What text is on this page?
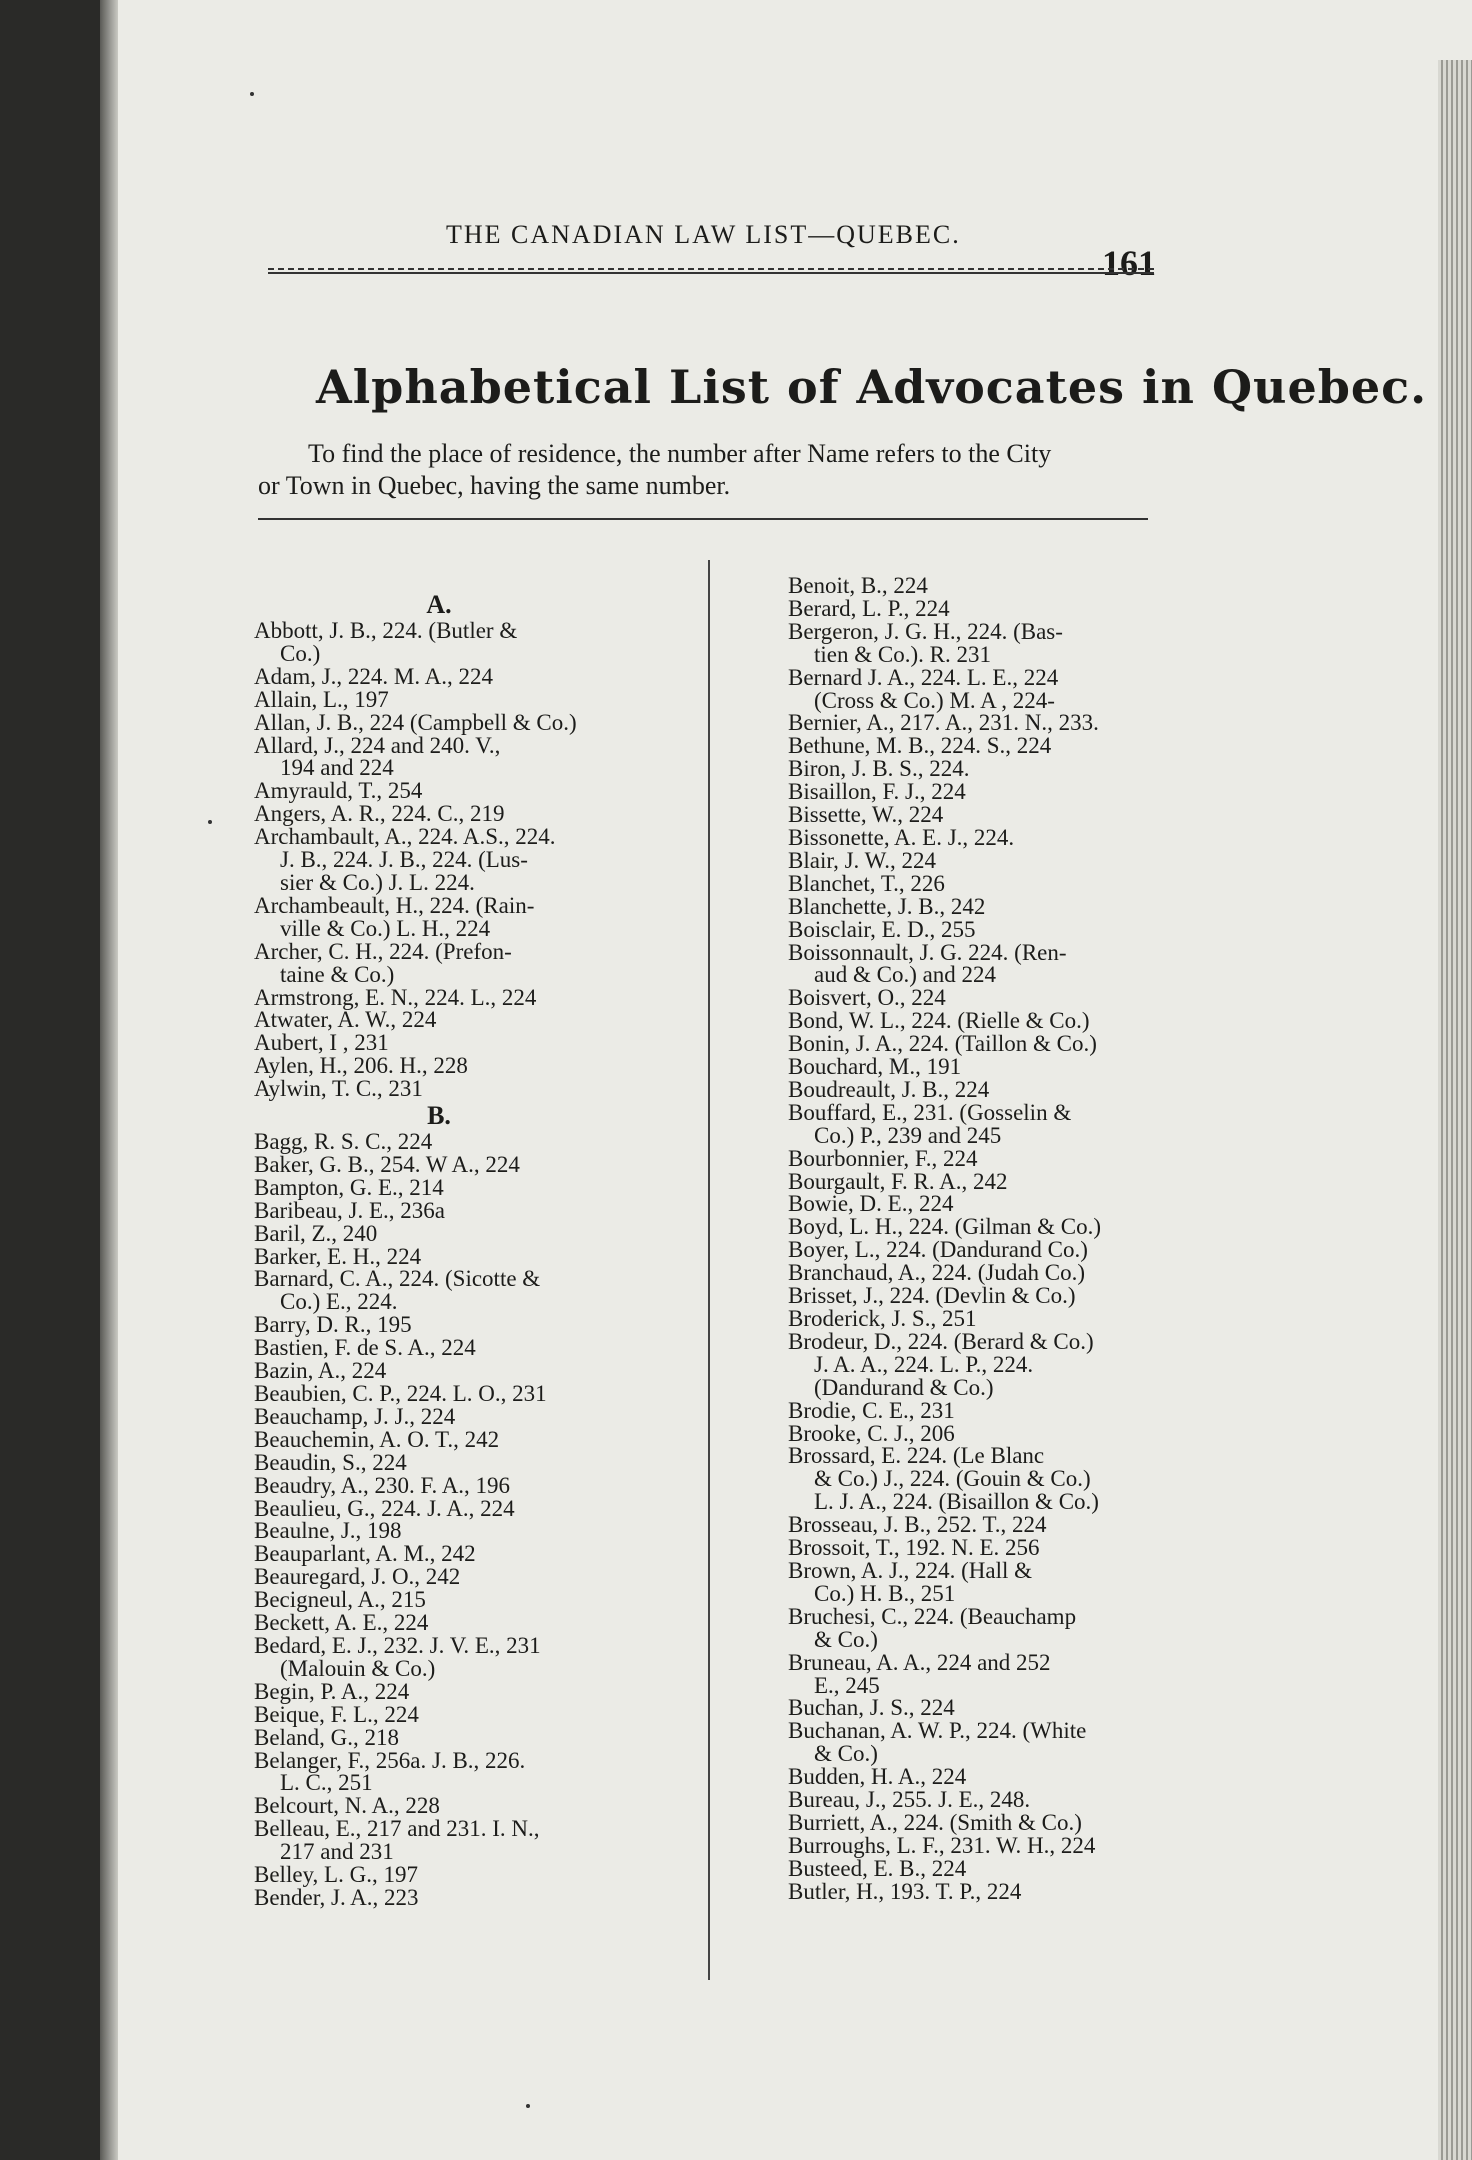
THE CANADIAN LAW LIST—QUEBEC.
161
Alphabetical List of Advocates in Quebec.
To find the place of residence, the number after Name refers to the City
or Town in Quebec, having the same number.
A.
Abbott, J. B., 224. (Butler &
Co.)
Adam, J., 224. M. A., 224
Allain, L., 197
Allan, J. B., 224 (Campbell & Co.)
Allard, J., 224 and 240. V.,
194 and 224
Amyrauld, T., 254
Angers, A. R., 224. C., 219
Archambault, A., 224. A.S., 224.
J. B., 224. J. B., 224. (Lus-
sier & Co.) J. L. 224.
Archambeault, H., 224. (Rain-
ville & Co.) L. H., 224
Archer, C. H., 224. (Prefon-
taine & Co.)
Armstrong, E. N., 224. L., 224
Atwater, A. W., 224
Aubert, I , 231
Aylen, H., 206. H., 228
Aylwin, T. C., 231
B.
Bagg, R. S. C., 224
Baker, G. B., 254. W A., 224
Bampton, G. E., 214
Baribeau, J. E., 236a
Baril, Z., 240
Barker, E. H., 224
Barnard, C. A., 224. (Sicotte &
Co.) E., 224.
Barry, D. R., 195
Bastien, F. de S. A., 224
Bazin, A., 224
Beaubien, C. P., 224. L. O., 231
Beauchamp, J. J., 224
Beauchemin, A. O. T., 242
Beaudin, S., 224
Beaudry, A., 230. F. A., 196
Beaulieu, G., 224. J. A., 224
Beaulne, J., 198
Beauparlant, A. M., 242
Beauregard, J. O., 242
Becigneul, A., 215
Beckett, A. E., 224
Bedard, E. J., 232. J. V. E., 231
(Malouin & Co.)
Begin, P. A., 224
Beique, F. L., 224
Beland, G., 218
Belanger, F., 256a. J. B., 226.
L. C., 251
Belcourt, N. A., 228
Belleau, E., 217 and 231. I. N.,
217 and 231
Belley, L. G., 197
Bender, J. A., 223
Benoit, B., 224
Berard, L. P., 224
Bergeron, J. G. H., 224. (Bas-
tien & Co.). R. 231
Bernard J. A., 224. L. E., 224
(Cross & Co.) M. A , 224-
Bernier, A., 217. A., 231. N., 233.
Bethune, M. B., 224. S., 224
Biron, J. B. S., 224.
Bisaillon, F. J., 224
Bissette, W., 224
Bissonette, A. E. J., 224.
Blair, J. W., 224
Blanchet, T., 226
Blanchette, J. B., 242
Boisclair, E. D., 255
Boissonnault, J. G. 224. (Ren-
aud & Co.) and 224
Boisvert, O., 224
Bond, W. L., 224. (Rielle & Co.)
Bonin, J. A., 224. (Taillon & Co.)
Bouchard, M., 191
Boudreault, J. B., 224
Bouffard, E., 231. (Gosselin &
Co.) P., 239 and 245
Bourbonnier, F., 224
Bourgault, F. R. A., 242
Bowie, D. E., 224
Boyd, L. H., 224. (Gilman & Co.)
Boyer, L., 224. (Dandurand Co.)
Branchaud, A., 224. (Judah Co.)
Brisset, J., 224. (Devlin & Co.)
Broderick, J. S., 251
Brodeur, D., 224. (Berard & Co.)
J. A. A., 224. L. P., 224.
(Dandurand & Co.)
Brodie, C. E., 231
Brooke, C. J., 206
Brossard, E. 224. (Le Blanc
& Co.) J., 224. (Gouin & Co.)
L. J. A., 224. (Bisaillon & Co.)
Brosseau, J. B., 252. T., 224
Brossoit, T., 192. N. E. 256
Brown, A. J., 224. (Hall &
Co.) H. B., 251
Bruchesi, C., 224. (Beauchamp
& Co.)
Bruneau, A. A., 224 and 252
E., 245
Buchan, J. S., 224
Buchanan, A. W. P., 224. (White
& Co.)
Budden, H. A., 224
Bureau, J., 255. J. E., 248.
Burriett, A., 224. (Smith & Co.)
Burroughs, L. F., 231. W. H., 224
Busteed, E. B., 224
Butler, H., 193. T. P., 224
